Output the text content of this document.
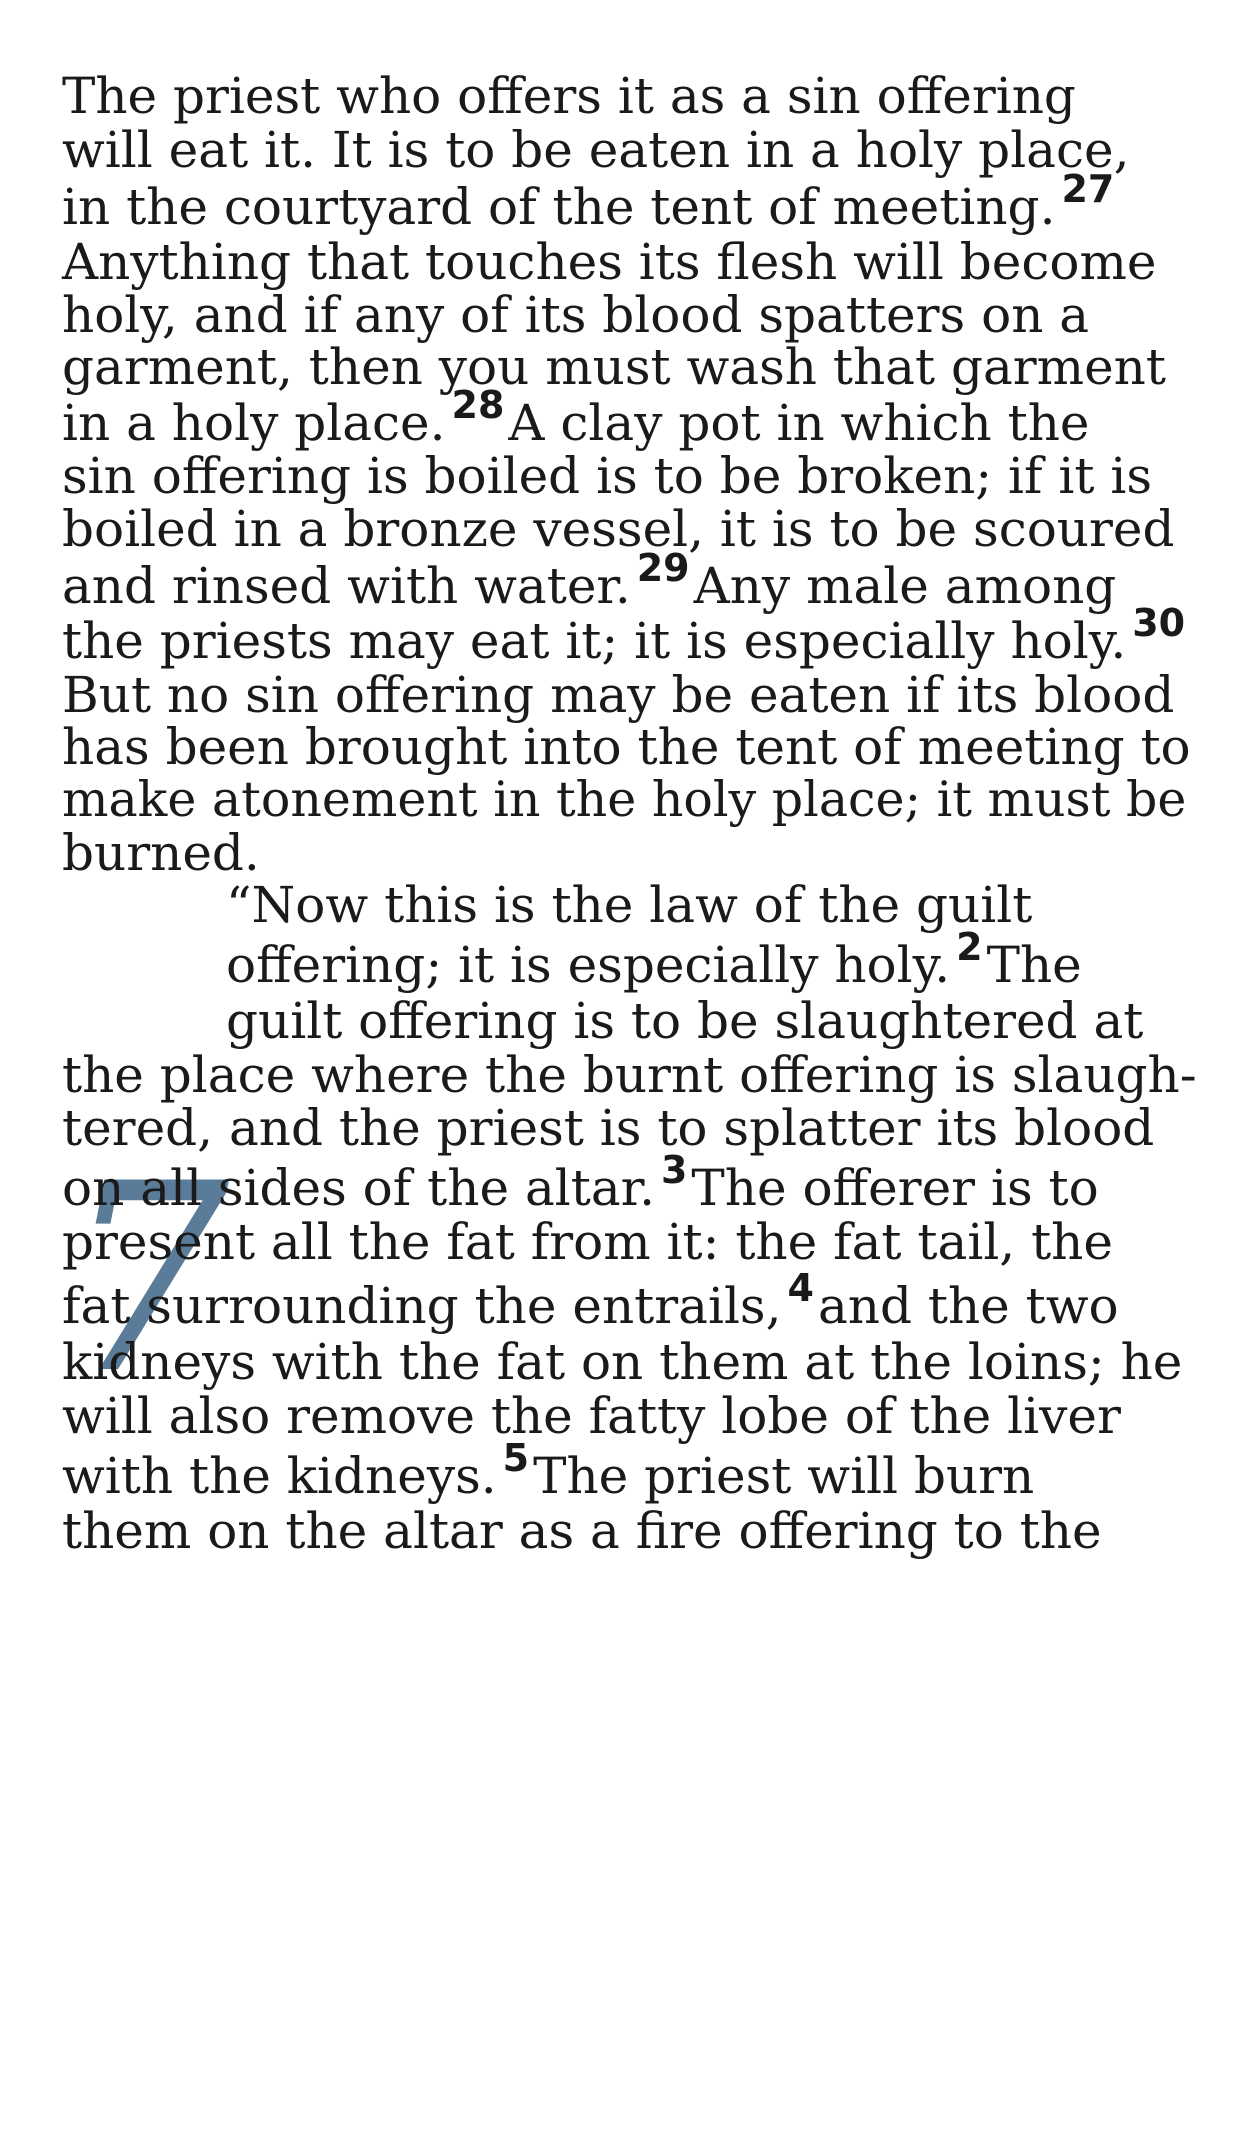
7
The priest who offers it as a sin offering
will eat it. It is to be eaten in a holy place,
in the courtyard of the tent of meeting. $^{27}$
Anything that touches its flesh will become
holy, and if any of its blood spatters on a
garment, then you must wash that garment
in a holy place. $^{28}$A clay pot in which the
sin offering is boiled is to be broken; if it is
boiled in a bronze vessel, it is to be scoured
and rinsed with water. $^{29}$Any male among
the priests may eat it; it is especially holy. $^{30}$
But no sin offering may be eaten if its blood
has been brought into the tent of meeting to
make atonement in the holy place; it must be
burned.
“Now this is the law of the guilt
offering; it is especially holy. $^2$The
guilt offering is to be slaughtered at
the place where the burnt offering is slaugh-
tered, and the priest is to splatter its blood
on all sides of the altar. $^3$The offerer is to
present all the fat from it: the fat tail, the
fat surrounding the entrails, $^4$and the two
kidneys with the fat on them at the loins; he
will also remove the fatty lobe of the liver
with the kidneys. $^5$The priest will burn
them on the altar as a fire offering to the
